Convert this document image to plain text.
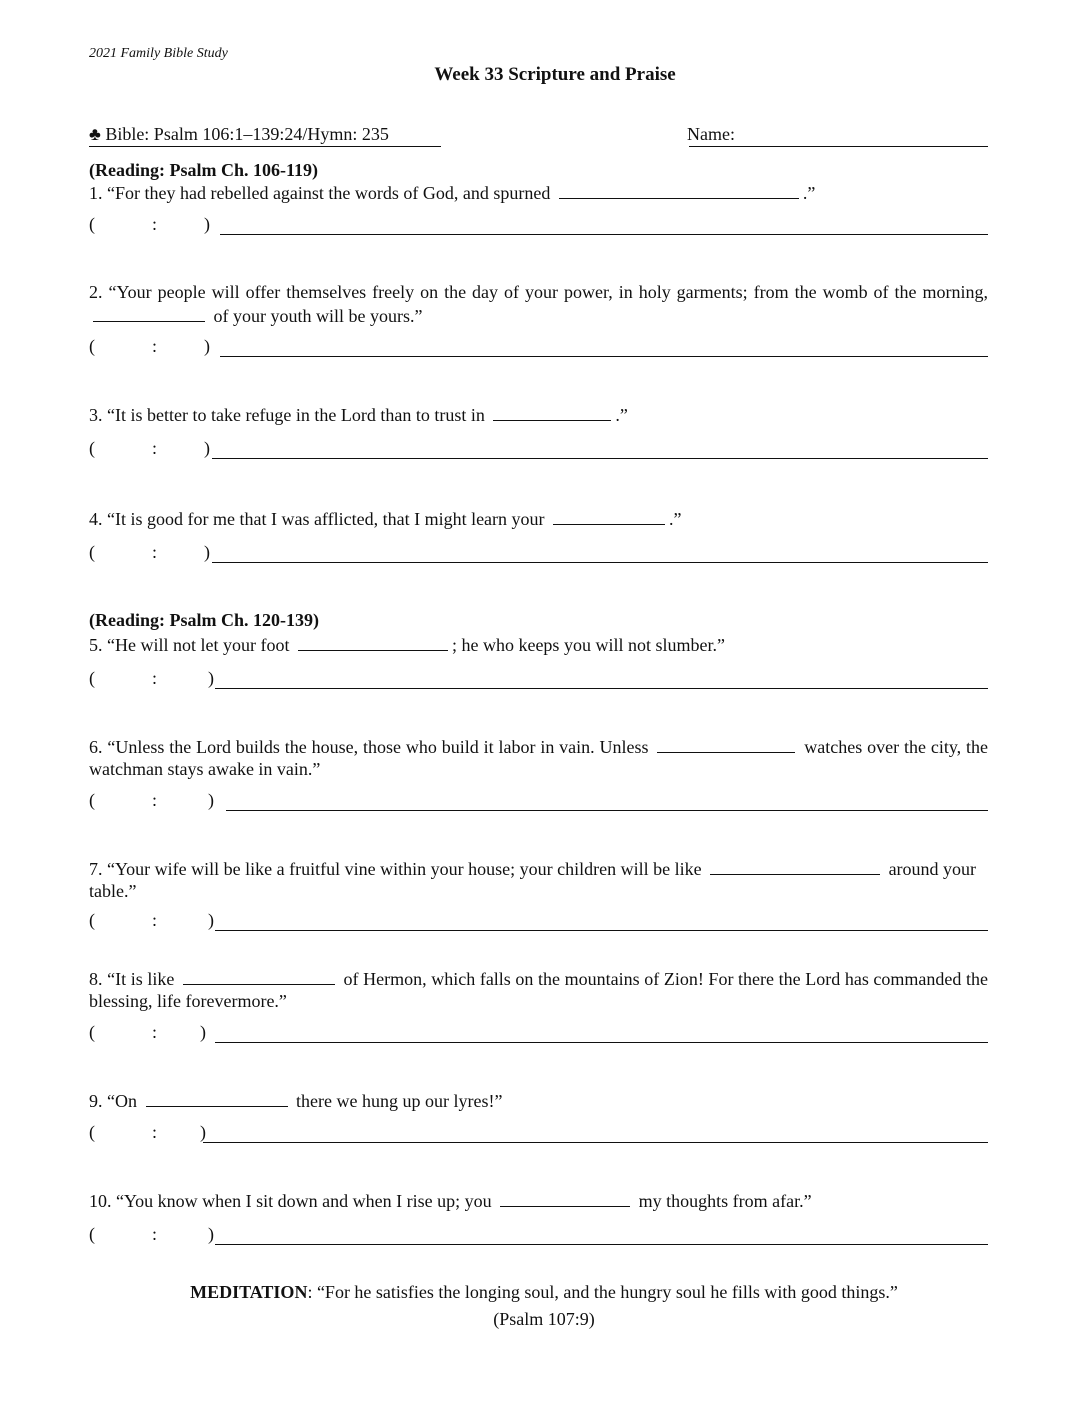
2021 Family Bible Study
Week 33 Scripture and Praise
♣ Bible: Psalm 106:1–139:24/Hymn: 235	Name:
(Reading: Psalm Ch. 106-119)
1. “For they had rebelled against the words of God, and spurned	.”
(	:	)
2. “Your people will offer themselves freely on the day of your power, in holy garments; from the womb of the morning,  of your youth will be yours.”
(	:	)
3. “It is better to take refuge in the Lord than to trust in	.”
(	:	)
4. “It is good for me that I was afflicted, that I might learn your	.”
(	:	)
(Reading: Psalm Ch. 120-139)
5. “He will not let your foot	; he who keeps you will not slumber.”
(	:	)
6. “Unless the Lord builds the house, those who build it labor in vain. Unless	watches over the city, the watchman stays awake in vain.”
(	:	)
7. “Your wife will be like a fruitful vine within your house; your children will be like	around your table.”
(	:	)
8. “It is like	of Hermon, which falls on the mountains of Zion! For there the Lord has commanded the blessing, life forevermore.”
(	: )
9. “On	there we hung up our lyres!”
(	: )
10. “You know when I sit down and when I rise up; you	my thoughts from afar.”
(	:	)
MEDITATION: “For he satisfies the longing soul, and the hungry soul he fills with good things.”
(Psalm 107:9)
